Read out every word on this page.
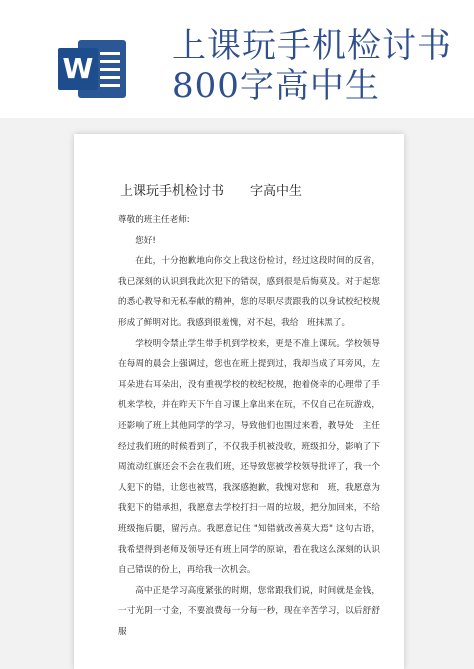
W
上课玩手机检讨书
800字高中生
上课玩手机检讨书 字高中生

尊敬的班主任老师:

您好!

在此，十分抱歉地向你交上我这份检讨，经过这段时间的反省，我已深刻的认识到我此次犯下的错误，感到很是后悔莫及。对于起您的悉心教导和无私奉献的精神，您的尽职尽责跟我的以身试校纪校规形成了鲜明对比。我感到很羞愧，对不起，我给　班抹黑了。

学校明令禁止学生带手机到学校来，更是不准上课玩。学校领导在每周的晨会上强调过，您也在班上提到过，我却当成了耳旁风，左耳朵进右耳朵出，没有重视学校的校纪校规，抱着侥幸的心理带了手机来学校，并在昨天下午自习课上拿出来在玩，不仅自己在玩游戏，还影响了班上其他同学的学习，导致他们也围过来看，教导处　主任经过我们班的时候看到了，不仅我手机被没收，班级扣分，影响了下周流动红旗还会不会在我们班，还导致您被学校领导批评了，我一个人犯下的错，让您也被骂，我深感抱歉，我愧对您和　班，我愿意为我犯下的错承担，我愿意去学校打扫一周的垃圾，把分加回来，不给班级拖后腿，留污点。我愿意记住 "知错就改善莫大焉" 这句古语，我希望得到老师及领导还有班上同学的原谅，看在我这么深刻的认识自己错误的份上，再给我一次机会。

高中正是学习高度紧张的时期，您常跟我们说，时间就是金钱，一寸光阴一寸金，不要浪费每一分每一秒，现在辛苦学习，以后舒舒服
